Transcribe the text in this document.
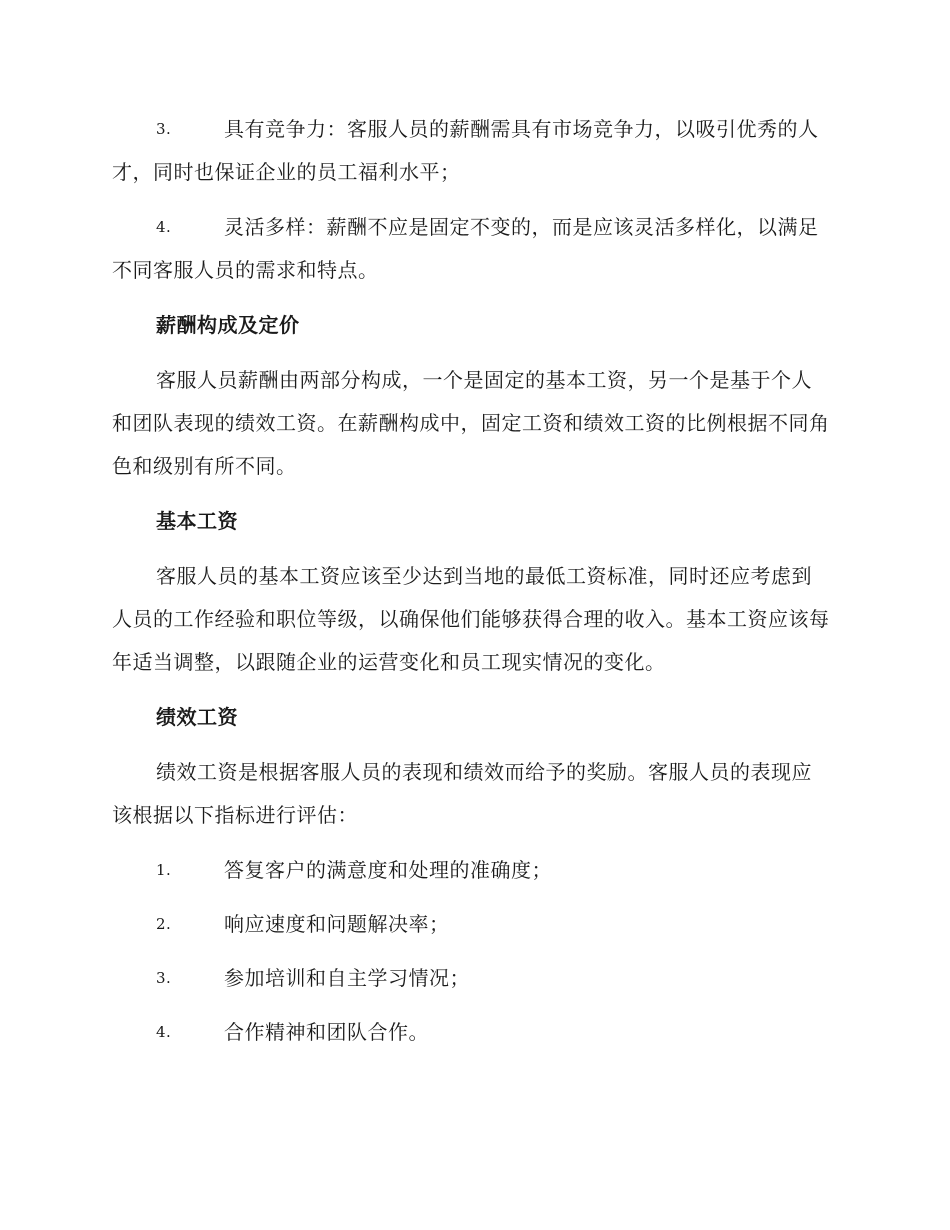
3.	具有竞争力：客服人员的薪酬需具有市场竞争力，以吸引优秀的人才，同时也保证企业的员工福利水平；
4.	灵活多样：薪酬不应是固定不变的，而是应该灵活多样化，以满足不同客服人员的需求和特点。
薪酬构成及定价
客服人员薪酬由两部分构成，一个是固定的基本工资，另一个是基于个人和团队表现的绩效工资。在薪酬构成中，固定工资和绩效工资的比例根据不同角色和级别有所不同。
基本工资
客服人员的基本工资应该至少达到当地的最低工资标准，同时还应考虑到人员的工作经验和职位等级，以确保他们能够获得合理的收入。基本工资应该每年适当调整，以跟随企业的运营变化和员工现实情况的变化。
绩效工资
绩效工资是根据客服人员的表现和绩效而给予的奖励。客服人员的表现应该根据以下指标进行评估：
1.	答复客户的满意度和处理的准确度；
2.	响应速度和问题解决率；
3.	参加培训和自主学习情况；
4.	合作精神和团队合作。
